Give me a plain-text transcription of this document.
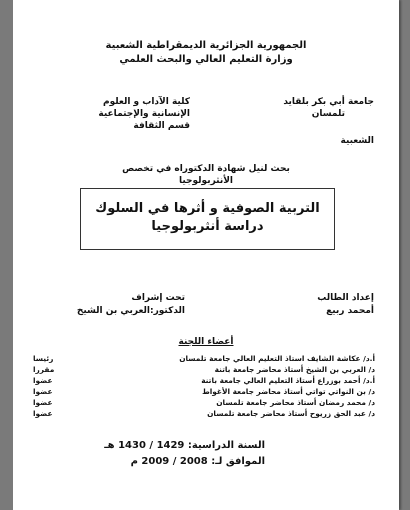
الجمهورية الجزائرية الديمقراطية الشعبية
وزارة التعليم العالي والبحث العلمي
جامعة أبي بكر بلقايد
تلمسان
الشعبية
كلية الآداب و العلوم
الإنسانية والإجتماعية
قسم الثقافة
بحث لنيل شهادة الدكتوراه في تخصص
الأنثربولوجيا
التربية الصوفية و أثرها في السلوك
دراسة أنثربولوجيا
إعداد الطالب
أمحمد ربيع
تحت إشراف
الدكتور:العربي بن الشيخ
أعضاء اللجنة
أ.د/ عكاشة الشايف استاذ التعليم العالي جامعة تلمسان
رئيسا
د/ العربي بن الشيخ أستاذ محاضر جامعة باتنة
مقررا
أ.د/ أحمد بوزراع أستاذ التعليم العالي جامعة باتنة
عضوا
د/ بن النواتي تواتي أستاذ محاضر جامعة الأغواط
عضوا
د/ محمد رمضان أستاذ محاضر جامعة تلمسان
عضوا
د/ عبد الحق زريوح أستاذ محاضر جامعة تلمسان
عضوا
السنة الدراسية: 1429 / 1430 هـ
الموافق لـ: 2008 / 2009 م
